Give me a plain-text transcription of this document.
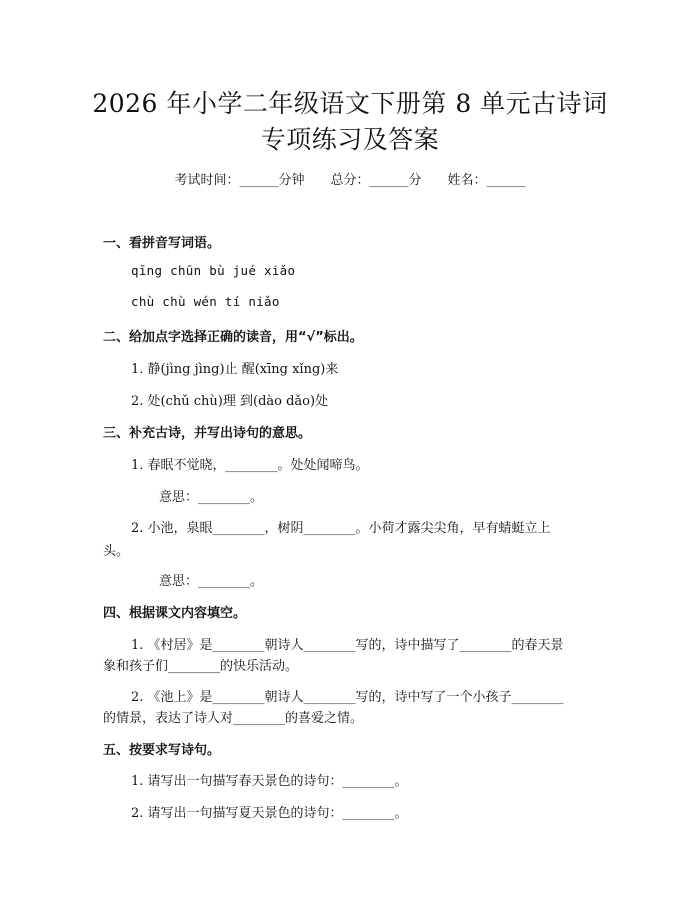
2026 年小学二年级语文下册第 8 单元古诗词
专项练习及答案
考试时间：______分钟 总分：______分 姓名：______
一、看拼音写词语。
qīng chūn bù jué xiǎo
chù chù wén tí niǎo
二、给加点字选择正确的读音，用“√”标出。
1. 静(jìng jìng)止 醒(xīng xǐng)来
2. 处(chǔ chù)理 到(dào dǎo)处
三、补充古诗，并写出诗句的意思。
1. 春眠不觉晓，________。处处闻啼鸟。
意思：________。
2. 小池，泉眼________，树阴________。小荷才露尖尖角，早有蜻蜓立上
头。
意思：________。
四、根据课文内容填空。
1. 《村居》是________朝诗人________写的，诗中描写了________的春天景
象和孩子们________的快乐活动。
2. 《池上》是________朝诗人________写的，诗中写了一个小孩子________
的情景，表达了诗人对________的喜爱之情。
五、按要求写诗句。
1. 请写出一句描写春天景色的诗句：________。
2. 请写出一句描写夏天景色的诗句：________。
